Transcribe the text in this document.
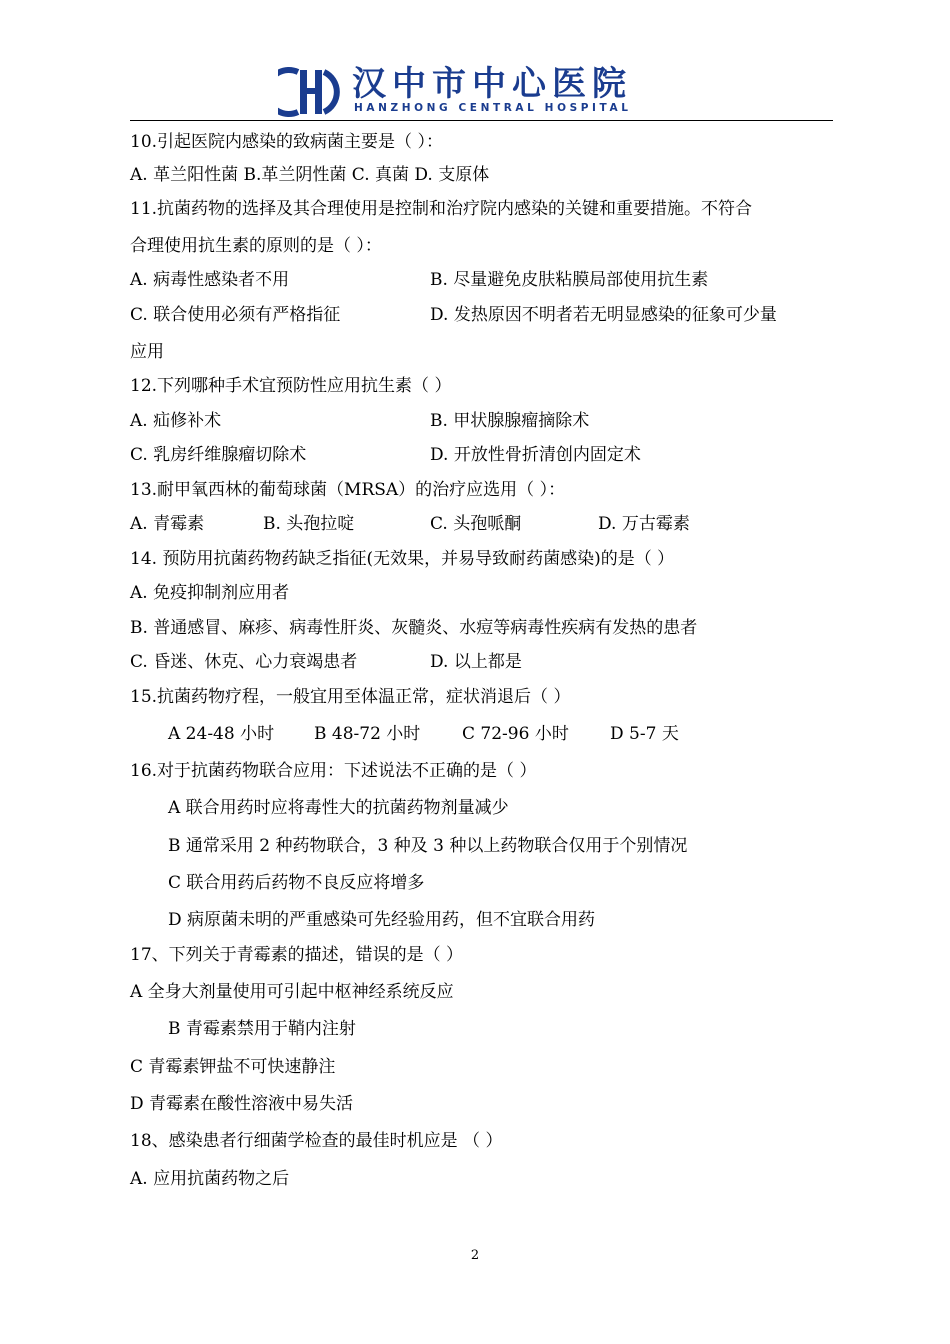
汉中市中心医院
HANZHONG CENTRAL HOSPITAL
10.引起医院内感染的致病菌主要是（ ）：
A. 革兰阳性菌 B.革兰阴性菌 C. 真菌 D. 支原体
11.抗菌药物的选择及其合理使用是控制和治疗院内感染的关键和重要措施。不符合
合理使用抗生素的原则的是（ ）：
A. 病毒性感染者不用	B. 尽量避免皮肤粘膜局部使用抗生素
C. 联合使用必须有严格指征	D. 发热原因不明者若无明显感染的征象可少量
应用
12.下列哪种手术宜预防性应用抗生素（ ）
A. 疝修补术	B. 甲状腺腺瘤摘除术
C. 乳房纤维腺瘤切除术	D. 开放性骨折清创内固定术
13.耐甲氧西林的葡萄球菌（MRSA）的治疗应选用（ ）：
A. 青霉素	B. 头孢拉啶	C. 头孢哌酮	D. 万古霉素
14. 预防用抗菌药物药缺乏指征(无效果，并易导致耐药菌感染)的是（ ）
A. 免疫抑制剂应用者
B. 普通感冒、麻疹、病毒性肝炎、灰髓炎、水痘等病毒性疾病有发热的患者
C. 昏迷、休克、心力衰竭患者	D. 以上都是
15.抗菌药物疗程，一般宜用至体温正常，症状消退后（ ）
A 24-48 小时 B 48-72 小时 C 72-96 小时 D 5-7 天
16.对于抗菌药物联合应用：下述说法不正确的是（ ）
A 联合用药时应将毒性大的抗菌药物剂量减少
B 通常采用 2 种药物联合，3 种及 3 种以上药物联合仅用于个别情况
C 联合用药后药物不良反应将增多
D 病原菌未明的严重感染可先经验用药，但不宜联合用药
17、下列关于青霉素的描述，错误的是（ ）
A 全身大剂量使用可引起中枢神经系统反应
B 青霉素禁用于鞘内注射
C 青霉素钾盐不可快速静注
D 青霉素在酸性溶液中易失活
18、感染患者行细菌学检查的最佳时机应是 （ ）
A. 应用抗菌药物之后
2
